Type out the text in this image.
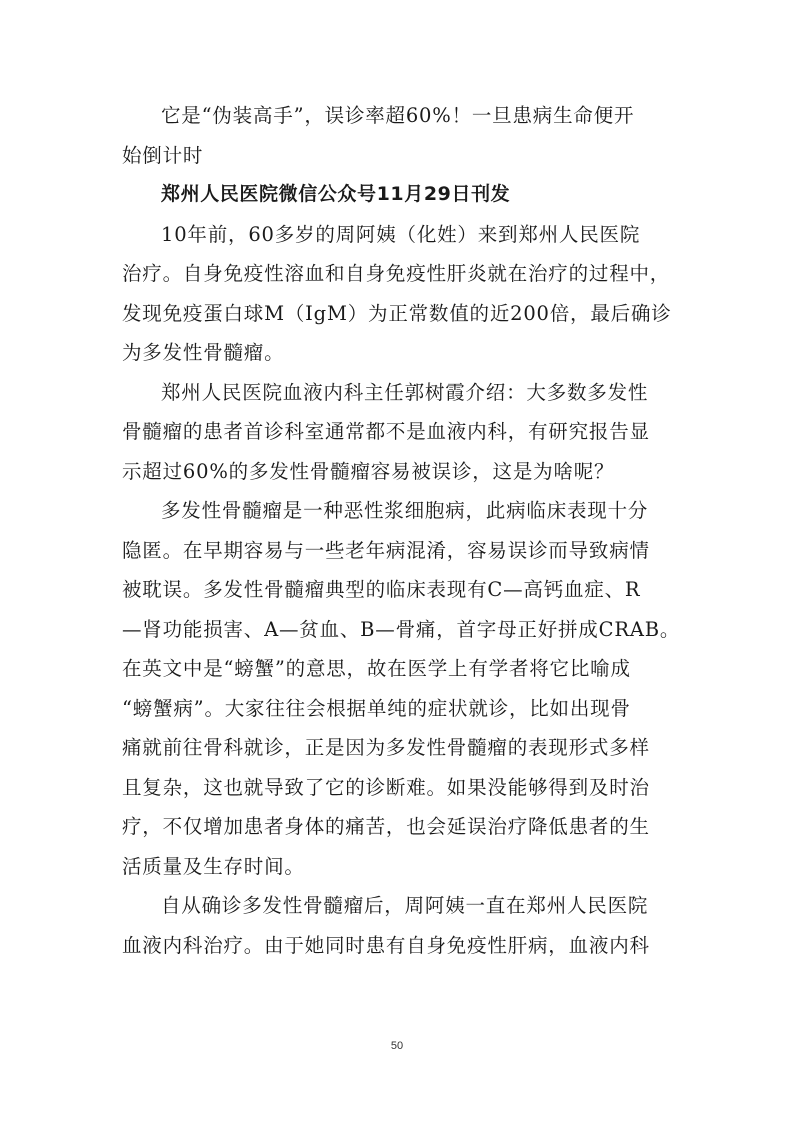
它是“伪装高手”，误诊率超60%！一旦患病生命便开
始倒计时
郑州人民医院微信公众号11月29日刊发
10年前，60多岁的周阿姨（化姓）来到郑州人民医院
治疗。自身免疫性溶血和自身免疫性肝炎就在治疗的过程中，
发现免疫蛋白球M（IgM）为正常数值的近200倍，最后确诊
为多发性骨髓瘤。
郑州人民医院血液内科主任郭树霞介绍：大多数多发性
骨髓瘤的患者首诊科室通常都不是血液内科，有研究报告显
示超过60%的多发性骨髓瘤容易被误诊，这是为啥呢？
多发性骨髓瘤是一种恶性浆细胞病，此病临床表现十分
隐匿。在早期容易与一些老年病混淆，容易误诊而导致病情
被耽误。多发性骨髓瘤典型的临床表现有C—高钙血症、R
—肾功能损害、A—贫血、B—骨痛，首字母正好拼成CRAB。
在英文中是“螃蟹”的意思，故在医学上有学者将它比喻成
“螃蟹病”。大家往往会根据单纯的症状就诊，比如出现骨
痛就前往骨科就诊，正是因为多发性骨髓瘤的表现形式多样
且复杂，这也就导致了它的诊断难。如果没能够得到及时治
疗，不仅增加患者身体的痛苦，也会延误治疗降低患者的生
活质量及生存时间。
自从确诊多发性骨髓瘤后，周阿姨一直在郑州人民医院
血液内科治疗。由于她同时患有自身免疫性肝病，血液内科
50
